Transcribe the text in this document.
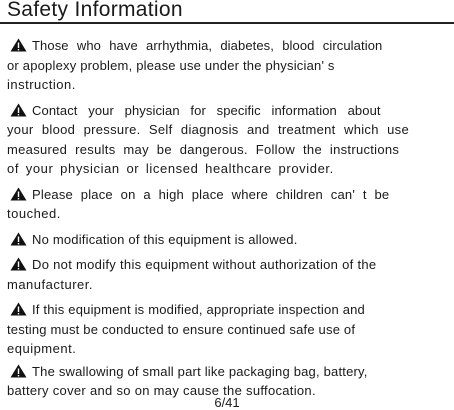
Safety Information

Those who have arrhythmia, diabetes, blood circulation

or apoplexy problem, please use under the physician' s

instruction.

Contact your physician for specific information about

your blood pressure. Self diagnosis and treatment which use

measured results may be dangerous. Follow the instructions

of your physician or licensed healthcare provider.

Please place on a high place where children can' t be

touched.

No modification of this equipment is allowed.

Do not modify this equipment without authorization of the

manufacturer.

If this equipment is modified, appropriate inspection and

testing must be conducted to ensure continued safe use of

equipment.

The swallowing of small part like packaging bag, battery,

battery cover and so on may cause the suffocation.

6/41
